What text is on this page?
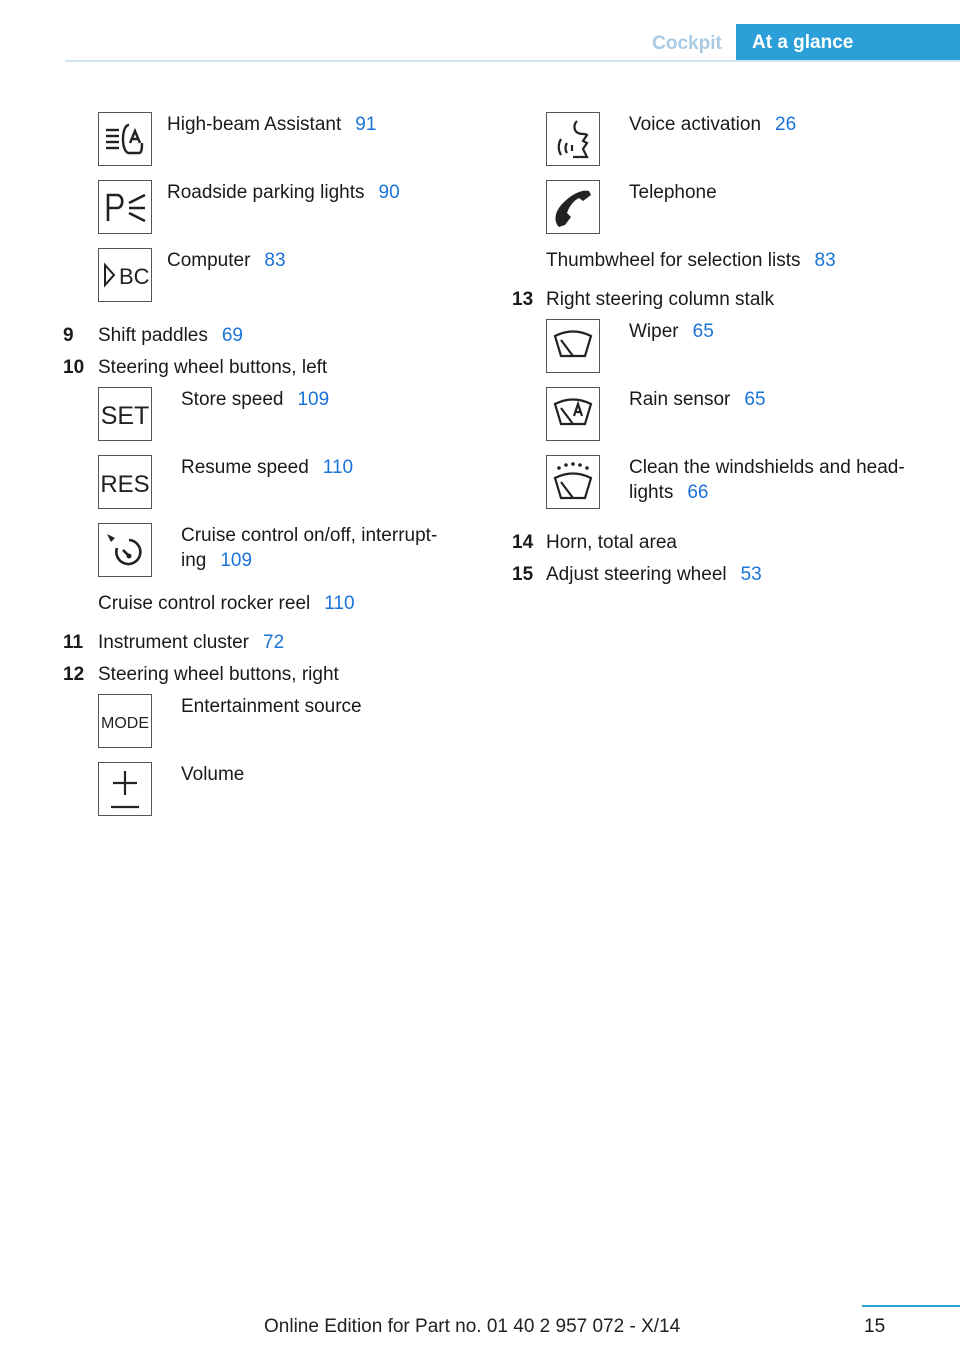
Cockpit	At a glance
High-beam Assistant 91
Roadside parking lights 90
BC
Computer 83
9 Shift paddles 69
10 Steering wheel buttons, left
SET
Store speed 109
RES
Resume speed 110
Cruise control on/off, interrupt-
ing 109
Cruise control rocker reel 110
11 Instrument cluster 72
12 Steering wheel buttons, right
MODE
Entertainment source
Volume
Voice activation 26
Telephone
Thumbwheel for selection lists 83
13 Right steering column stalk
Wiper 65
Rain sensor 65
Clean the windshields and head-
lights 66
14 Horn, total area
15 Adjust steering wheel 53
15
Online Edition for Part no. 01 40 2 957 072 - X/14
